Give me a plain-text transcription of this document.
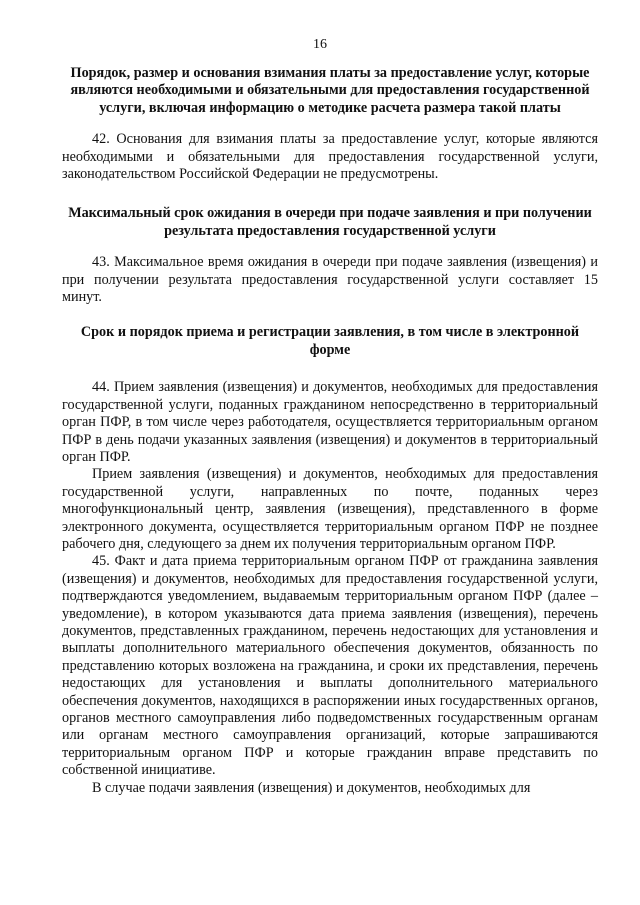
16

Порядок, размер и основания взимания платы за предоставление услуг, которые являются необходимыми и обязательными для предоставления государственной услуги, включая информацию о методике расчета размера такой платы

42. Основания для взимания платы за предоставление услуг, которые являются необходимыми и обязательными для предоставления государственной услуги, законодательством Российской Федерации не предусмотрены.

Максимальный срок ожидания в очереди при подаче заявления и при получении результата предоставления государственной услуги

43. Максимальное время ожидания в очереди при подаче заявления (извещения) и при получении результата предоставления государственной услуги составляет 15 минут.

Срок и порядок приема и регистрации заявления, в том числе в электронной форме

44. Прием заявления (извещения) и документов, необходимых для предоставления государственной услуги, поданных гражданином непосредственно в территориальный орган ПФР, в том числе через работодателя, осуществляется территориальным органом ПФР в день подачи указанных заявления (извещения) и документов в территориальный орган ПФР.

Прием заявления (извещения) и документов, необходимых для предоставления государственной услуги, направленных по почте, поданных через многофункциональный центр, заявления (извещения), представленного в форме электронного документа, осуществляется территориальным органом ПФР не позднее рабочего дня, следующего за днем их получения территориальным органом ПФР.

45. Факт и дата приема территориальным органом ПФР от гражданина заявления (извещения) и документов, необходимых для предоставления государственной услуги, подтверждаются уведомлением, выдаваемым территориальным органом ПФР (далее – уведомление), в котором указываются дата приема заявления (извещения), перечень документов, представленных гражданином, перечень недостающих для установления и выплаты дополнительного материального обеспечения документов, обязанность по представлению которых возложена на гражданина, и сроки их представления, перечень недостающих для установления и выплаты дополнительного материального обеспечения документов, находящихся в распоряжении иных государственных органов, органов местного самоуправления либо подведомственных государственным органам или органам местного самоуправления организаций, которые запрашиваются территориальным органом ПФР и которые гражданин вправе представить по собственной инициативе.

В случае подачи заявления (извещения) и документов, необходимых для
